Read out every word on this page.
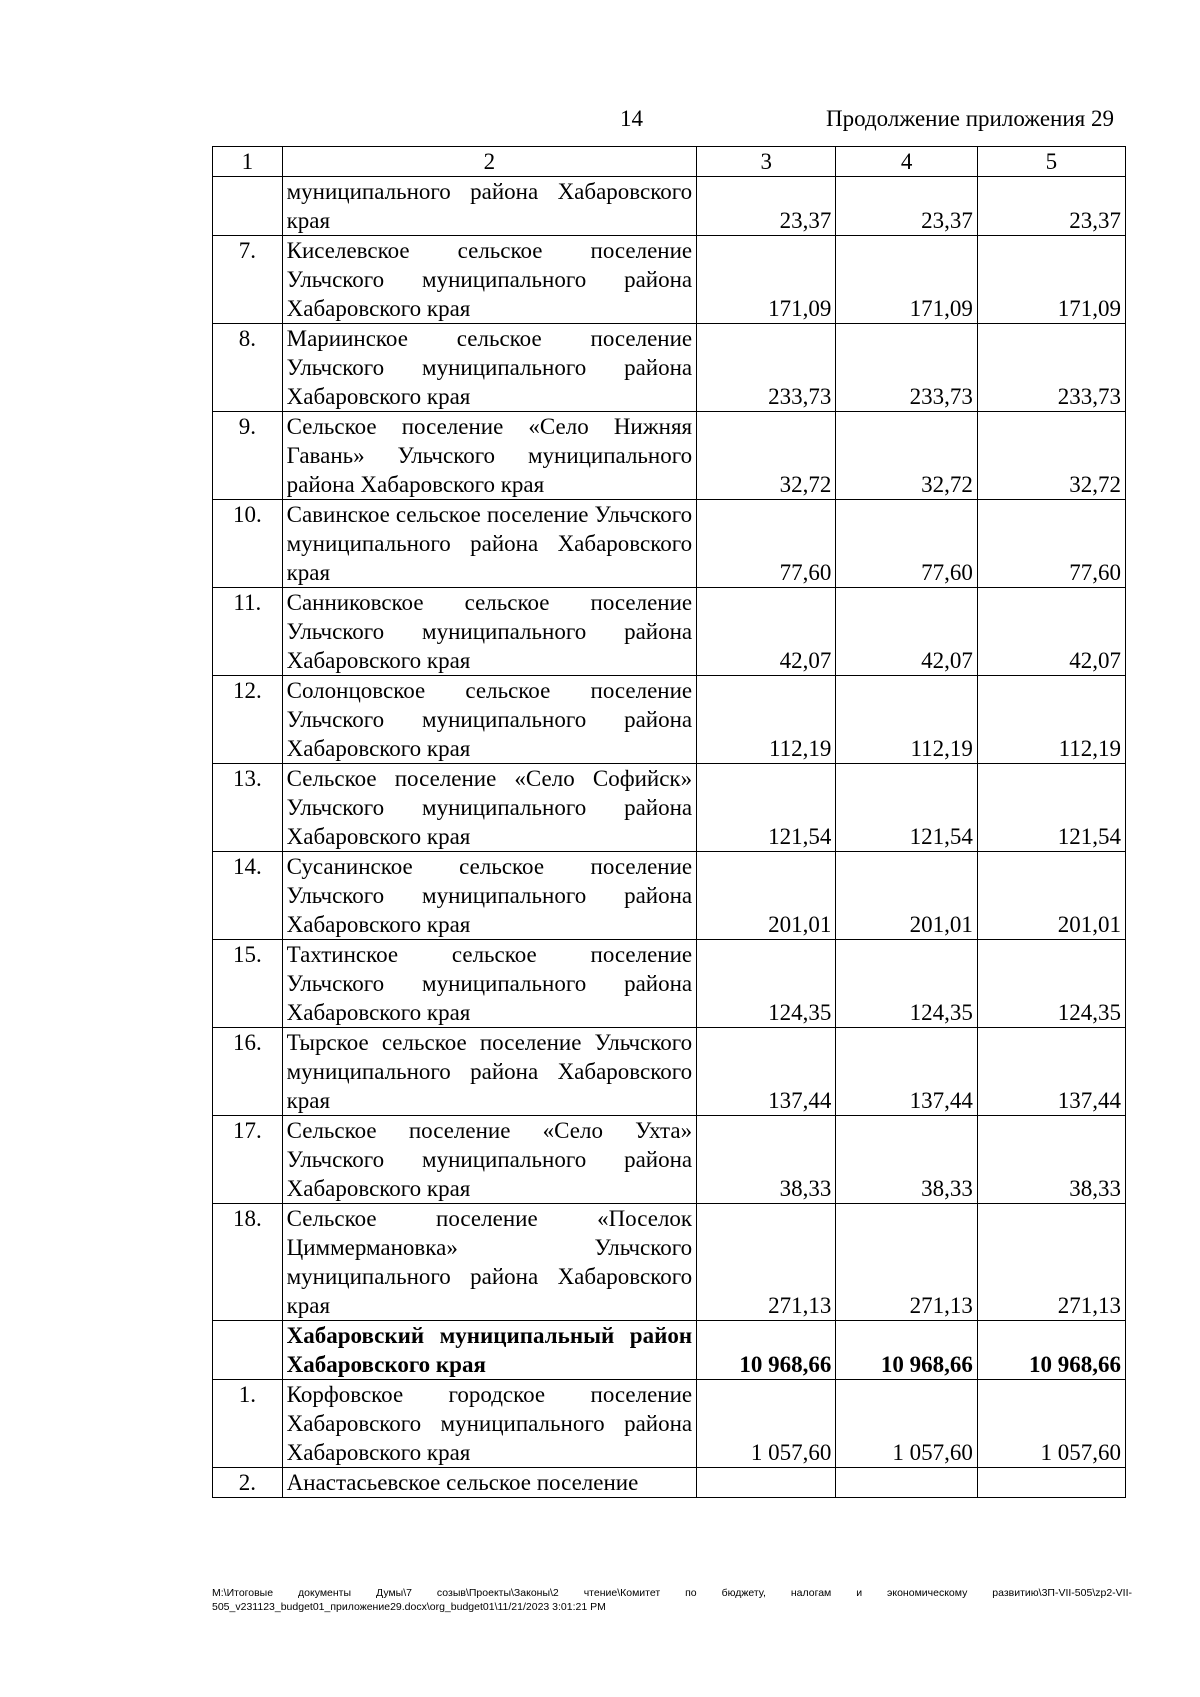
14	Продолжение приложения 29
1	2	3	4	5
	муниципального района Хабаровского края	23,37	23,37	23,37
7.	Киселевское сельское поселение Ульчского муниципального района Хабаровского края	171,09	171,09	171,09
8.	Мариинское сельское поселение Ульчского муниципального района Хабаровского края	233,73	233,73	233,73
9.	Сельское поселение «Село Нижняя Гавань» Ульчского муниципального района Хабаровского края	32,72	32,72	32,72
10.	Савинское сельское поселение Ульчского муниципального района Хабаровского края	77,60	77,60	77,60
11.	Санниковское сельское поселение Ульчского муниципального района Хабаровского края	42,07	42,07	42,07
12.	Солонцовское сельское поселение Ульчского муниципального района Хабаровского края	112,19	112,19	112,19
13.	Сельское поселение «Село Софийск» Ульчского муниципального района Хабаровского края	121,54	121,54	121,54
14.	Сусанинское сельское поселение Ульчского муниципального района Хабаровского края	201,01	201,01	201,01
15.	Тахтинское сельское поселение Ульчского муниципального района Хабаровского края	124,35	124,35	124,35
16.	Тырское сельское поселение Ульчского муниципального района Хабаровского края	137,44	137,44	137,44
17.	Сельское поселение «Село Ухта» Ульчского муниципального района Хабаровского края	38,33	38,33	38,33
18.	Сельское поселение «Поселок Циммермановка» Ульчского муниципального района Хабаровского края	271,13	271,13	271,13
	Хабаровский муниципальный район Хабаровского края	10 968,66	10 968,66	10 968,66
1.	Корфовское городское поселение Хабаровского муниципального района Хабаровского края	1 057,60	1 057,60	1 057,60
2.	Анастасьевское сельское поселение			
M:\Итоговые документы Думы\7 созыв\Проекты\Законы\2 чтение\Комитет по бюджету, налогам и экономическому развитию\3П-VII-505\zp2-VII-505_v231123_budget01_приложение29.docx\org_budget01\11/21/2023 3:01:21 PM
